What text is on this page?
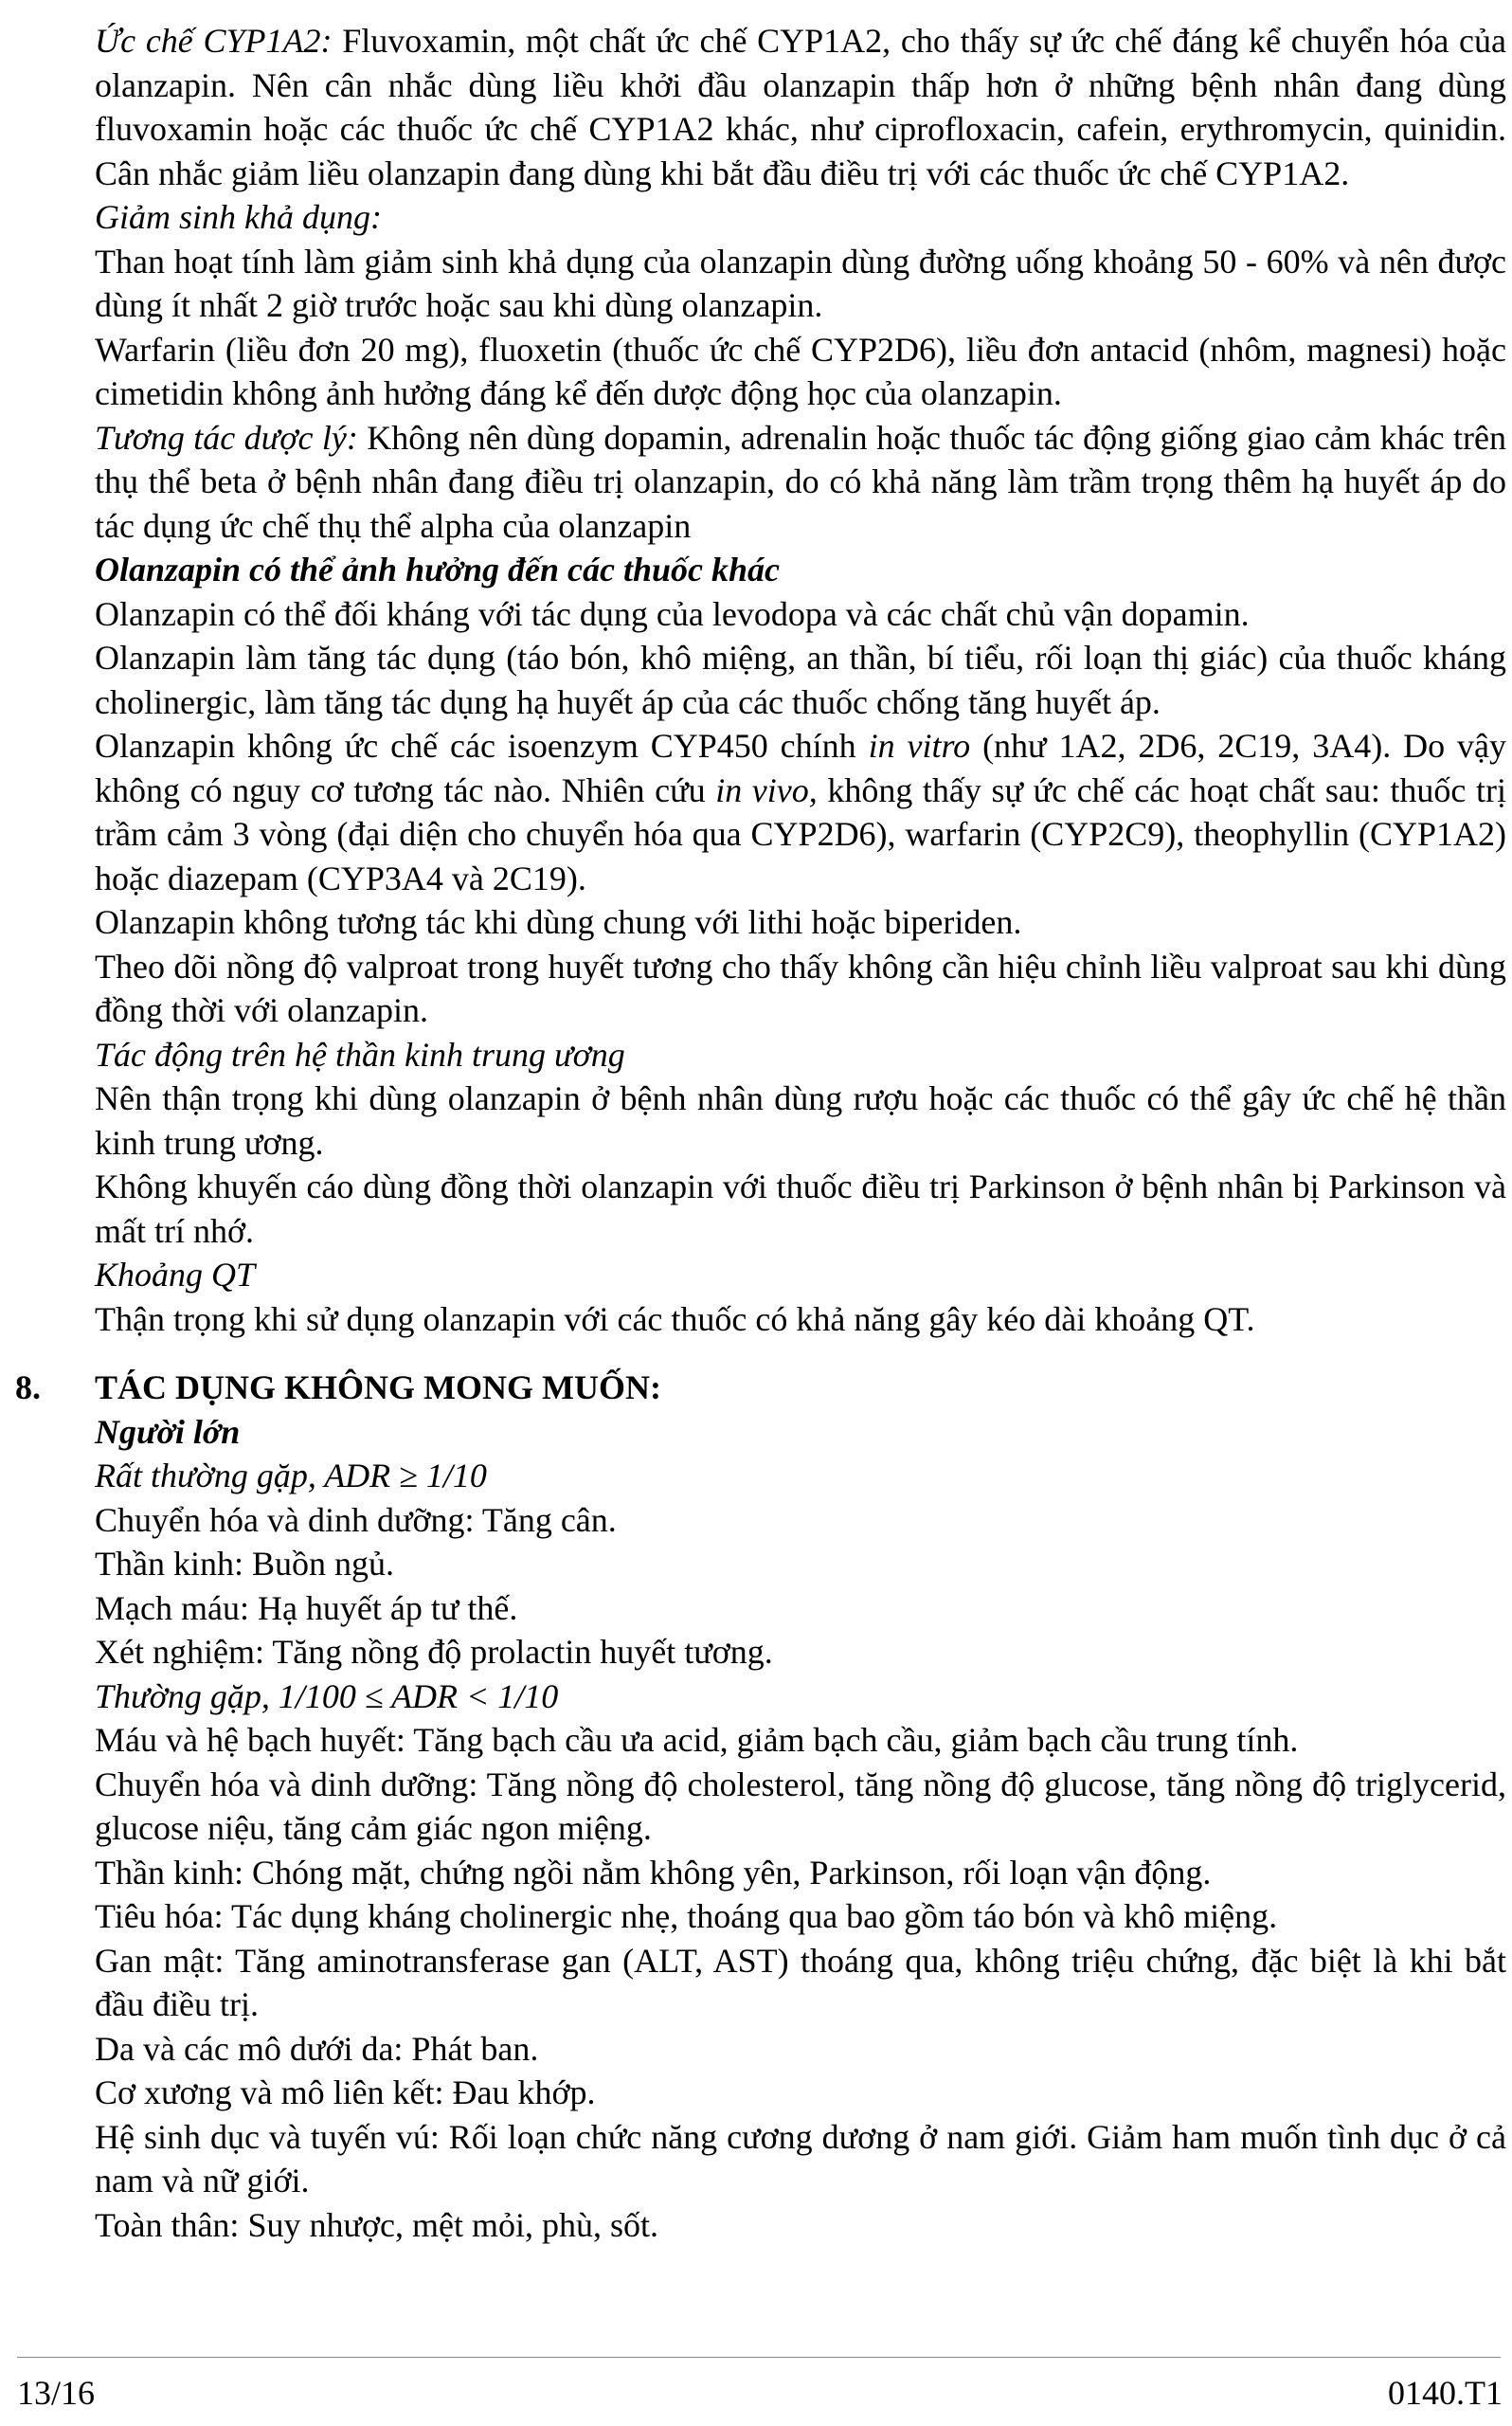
Ức chế CYP1A2: Fluvoxamin, một chất ức chế CYP1A2, cho thấy sự ức chế đáng kể chuyển hóa của olanzapin. Nên cân nhắc dùng liều khởi đầu olanzapin thấp hơn ở những bệnh nhân đang dùng fluvoxamin hoặc các thuốc ức chế CYP1A2 khác, như ciprofloxacin, cafein, erythromycin, quinidin. Cân nhắc giảm liều olanzapin đang dùng khi bắt đầu điều trị với các thuốc ức chế CYP1A2.

Giảm sinh khả dụng:

Than hoạt tính làm giảm sinh khả dụng của olanzapin dùng đường uống khoảng 50 - 60% và nên được dùng ít nhất 2 giờ trước hoặc sau khi dùng olanzapin.

Warfarin (liều đơn 20 mg), fluoxetin (thuốc ức chế CYP2D6), liều đơn antacid (nhôm, magnesi) hoặc cimetidin không ảnh hưởng đáng kể đến dược động học của olanzapin.

Tương tác dược lý: Không nên dùng dopamin, adrenalin hoặc thuốc tác động giống giao cảm khác trên thụ thể beta ở bệnh nhân đang điều trị olanzapin, do có khả năng làm trầm trọng thêm hạ huyết áp do tác dụng ức chế thụ thể alpha của olanzapin

Olanzapin có thể ảnh hưởng đến các thuốc khác

Olanzapin có thể đối kháng với tác dụng của levodopa và các chất chủ vận dopamin.

Olanzapin làm tăng tác dụng (táo bón, khô miệng, an thần, bí tiểu, rối loạn thị giác) của thuốc kháng cholinergic, làm tăng tác dụng hạ huyết áp của các thuốc chống tăng huyết áp.

Olanzapin không ức chế các isoenzym CYP450 chính in vitro (như 1A2, 2D6, 2C19, 3A4). Do vậy không có nguy cơ tương tác nào. Nhiên cứu in vivo, không thấy sự ức chế các hoạt chất sau: thuốc trị trầm cảm 3 vòng (đại diện cho chuyển hóa qua CYP2D6), warfarin (CYP2C9), theophyllin (CYP1A2) hoặc diazepam (CYP3A4 và 2C19).

Olanzapin không tương tác khi dùng chung với lithi hoặc biperiden.

Theo dõi nồng độ valproat trong huyết tương cho thấy không cần hiệu chỉnh liều valproat sau khi dùng đồng thời với olanzapin.

Tác động trên hệ thần kinh trung ương

Nên thận trọng khi dùng olanzapin ở bệnh nhân dùng rượu hoặc các thuốc có thể gây ức chế hệ thần kinh trung ương.

Không khuyến cáo dùng đồng thời olanzapin với thuốc điều trị Parkinson ở bệnh nhân bị Parkinson và mất trí nhớ.

Khoảng QT

Thận trọng khi sử dụng olanzapin với các thuốc có khả năng gây kéo dài khoảng QT.

8. TÁC DỤNG KHÔNG MONG MUỐN:

Người lớn

Rất thường gặp, ADR ≥ 1/10

Chuyển hóa và dinh dưỡng: Tăng cân.

Thần kinh: Buồn ngủ.

Mạch máu: Hạ huyết áp tư thế.

Xét nghiệm: Tăng nồng độ prolactin huyết tương.

Thường gặp, 1/100 ≤ ADR < 1/10

Máu và hệ bạch huyết: Tăng bạch cầu ưa acid, giảm bạch cầu, giảm bạch cầu trung tính.

Chuyển hóa và dinh dưỡng: Tăng nồng độ cholesterol, tăng nồng độ glucose, tăng nồng độ triglycerid, glucose niệu, tăng cảm giác ngon miệng.

Thần kinh: Chóng mặt, chứng ngồi nằm không yên, Parkinson, rối loạn vận động.

Tiêu hóa: Tác dụng kháng cholinergic nhẹ, thoáng qua bao gồm táo bón và khô miệng.

Gan mật: Tăng aminotransferase gan (ALT, AST) thoáng qua, không triệu chứng, đặc biệt là khi bắt đầu điều trị.

Da và các mô dưới da: Phát ban.

Cơ xương và mô liên kết: Đau khớp.

Hệ sinh dục và tuyến vú: Rối loạn chức năng cương dương ở nam giới. Giảm ham muốn tình dục ở cả nam và nữ giới.

Toàn thân: Suy nhược, mệt mỏi, phù, sốt.

13/16	0140.T1
